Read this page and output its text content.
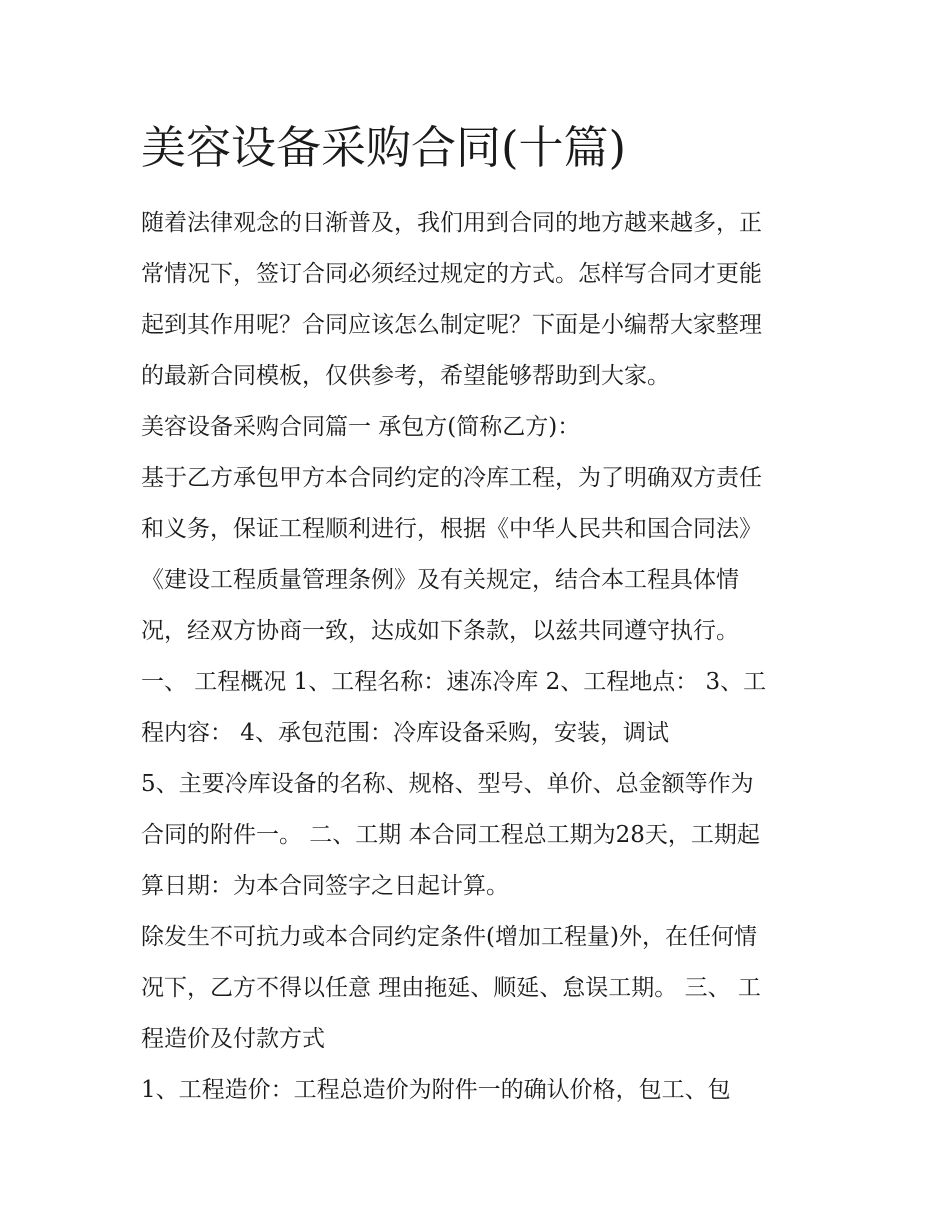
美容设备采购合同(十篇)

随着法律观念的日渐普及，我们用到合同的地方越来越多，正
常情况下，签订合同必须经过规定的方式。怎样写合同才更能
起到其作用呢？合同应该怎么制定呢？下面是小编帮大家整理
的最新合同模板，仅供参考，希望能够帮助到大家。

美容设备采购合同篇一 承包方(简称乙方)：

基于乙方承包甲方本合同约定的冷库工程，为了明确双方责任
和义务，保证工程顺利进行，根据《中华人民共和国合同法》
《建设工程质量管理条例》及有关规定，结合本工程具体情
况，经双方协商一致，达成如下条款，以兹共同遵守执行。

一、 工程概况 1、工程名称：速冻冷库 2、工程地点： 3、工
程内容： 4、承包范围：冷库设备采购，安装，调试

5、主要冷库设备的名称、规格、型号、单价、总金额等作为
合同的附件一。 二、工期 本合同工程总工期为28天，工期起
算日期：为本合同签字之日起计算。

除发生不可抗力或本合同约定条件(增加工程量)外，在任何情
况下，乙方不得以任意 理由拖延、顺延、怠误工期。 三、 工
程造价及付款方式

1、工程造价：工程总造价为附件一的确认价格，包工、包
